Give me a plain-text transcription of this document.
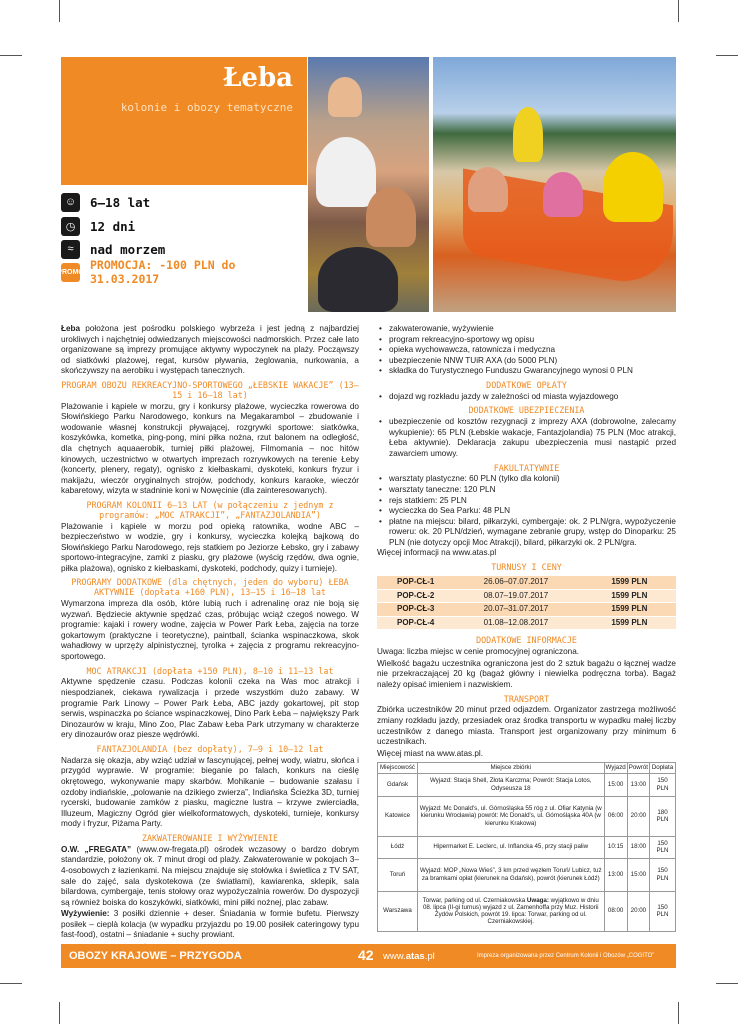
Łeba
kolonie i obozy tematyczne
☺	6–18 lat
◷	12 dni
≈	nad morzem
PROMO PROMOCJA: -100 PLN do 31.03.2017
Łeba położona jest pośrodku polskiego wybrzeża i jest jedną z najbardziej urokliwych i najchętniej odwiedzanych miejscowości nadmorskich. Przez całe lato organizowane są imprezy promujące aktywny wypoczynek na plaży. Począwszy od siatkówki plażowej, regat, kursów pływania, żeglowania, nurkowania, a skończywszy na aerobiku i występach tanecznych.
PROGRAM OBOZU REKREACYJNO-SPORTOWEGO „ŁEBSKIE WAKACJE” (13–15 i 16–18 lat)
Plażowanie i kąpiele w morzu, gry i konkursy plażowe, wycieczka rowerowa do Słowińskiego Parku Narodowego, konkurs na Megakarambol – zbudowanie i wodowanie własnej konstrukcji pływającej, rozgrywki sportowe: siatkówka, koszykówka, kometka, ping-pong, mini piłka nożna, rzut balonem na odległość, dla chętnych aquaaerobik, turniej piłki plażowej, Filmomania – noc hitów kinowych, uczestnictwo w otwartych imprezach rozrywkowych na terenie Łeby (koncerty, plenery, regaty), ognisko z kiełbaskami, dyskoteki, konkurs fryzur i makijażu, wieczór oryginalnych strojów, podchody, konkurs karaoke, wieczór kabaretowy, wizyta w stadninie koni w Nowęcinie (dla zainteresowanych).
PROGRAM KOLONII 6–13 LAT (w połączeniu z jednym z programów: „MOC ATRAKCJI”, „FANTAZJOLANDIA”)
Plażowanie i kąpiele w morzu pod opieką ratownika, wodne ABC – bezpieczeństwo w wodzie, gry i konkursy, wycieczka kolejką bajkową do Słowińskiego Parku Narodowego, rejs statkiem po Jeziorze Łebsko, gry i zabawy sportowo-integracyjne, zamki z piasku, gry plażowe (wyścig rzędów, dwa ognie, piłka plażowa), ognisko z kiełbaskami, dyskoteki, podchody, quizy i turnieje).
PROGRAMY DODATKOWE (dla chętnych, jeden do wyboru) ŁEBA AKTYWNIE (dopłata +160 PLN), 13–15 i 16–18 lat
Wymarzona impreza dla osób, które lubią ruch i adrenalinę oraz nie boją się wyzwań. Będziecie aktywnie spędzać czas, próbując wciąż czegoś nowego. W programie: kajaki i rowery wodne, zajęcia w Power Park Łeba, zajęcia na torze gokartowym (praktyczne i teoretyczne), paintball, ścianka wspinaczkowa, skok wahadłowy w uprzęży alpinistycznej, tyrolka + zajęcia z programu rekreacyjno-sportowego.
MOC ATRAKCJI (dopłata +150 PLN), 8–10 i 11–13 lat
Aktywne spędzenie czasu. Podczas kolonii czeka na Was moc atrakcji i niespodzianek, ciekawa rywalizacja i przede wszystkim dużo zabawy. W programie Park Linowy – Power Park Łeba, ABC jazdy gokartowej, pit stop serwis, wspinaczka po ściance wspinaczkowej, Dino Park Łeba – największy Park Dinozaurów w kraju, Mino Zoo, Plac Zabaw Łeba Park utrzymany w charakterze ery dinozaurów oraz piesze wędrówki.
FANTAZJOLANDIA (bez dopłaty), 7–9 i 10–12 lat
Nadarza się okazja, aby wziąć udział w fascynującej, pełnej wody, wiatru, słońca i przygód wyprawie. W programie: bieganie po falach, konkurs na cieślę okrętowego, wykonywanie mapy skarbów. Mohikanie – budowanie szałasu i ozdoby indiańskie, „polowanie na dzikiego zwierza”, Indiańska Ścieżka 3D, turniej rycerski, budowanie zamków z piasku, magiczne lustra – krzywe zwierciadła, Illuzeum, Magiczny Ogród gier wielkoformatowych, dyskoteki, turnieje, konkursy mody i fryzur, Piżama Party.
ZAKWATEROWANIE I WYŻYWIENIE
O.W. „FREGATA” (www.ow-fregata.pl) ośrodek wczasowy o bardzo dobrym standardzie, położony ok. 7 minut drogi od plaży. Zakwaterowanie w pokojach 3–4-osobowych z łazienkami. Na miejscu znajduje się stołówka i świetlica z TV SAT, sale do zajęć, sala dyskotekowa (ze światłami), kawiarenka, sklepik, sala bilardowa, cymbergaje, tenis stołowy oraz wypożyczalnia rowerów. Do dyspozycji są również boiska do koszykówki, siatkówki, mini piłki nożnej, plac zabaw.
Wyżywienie: 3 posiłki dziennie + deser. Śniadania w formie bufetu. Pierwszy posiłek – cieplà kolacja (w wypadku przyjazdu po 19.00 posiłek cateringowy typu fast-food), ostatni – śniadanie + suchy prowiant.
• zakwaterowanie, wyżywienie
• program rekreacyjno-sportowy wg opisu
• opieka wychowawcza, ratownicza i medyczna
• ubezpieczenie NNW TUiR AXA (do 5000 PLN)
• składka do Turystycznego Funduszu Gwarancyjnego wynosi 0 PLN
DODATKOWE OPŁATY
• dojazd wg rozkładu jazdy w zależności od miasta wyjazdowego
DODATKOWE UBEZPIECZENIA
• ubezpieczenie od kosztów rezygnacji z imprezy AXA (dobrowolne, zalecamy wykupienie): 65 PLN (Łebskie wakacje, Fantazjolandia) 75 PLN (Moc atrakcji, Łeba aktywnie). Deklaracja zakupu ubezpieczenia musi nastąpić przed zawarciem umowy.
FAKULTATYWNIE
• warsztaty plastyczne: 60 PLN (tylko dla kolonii)
• warsztaty taneczne: 120 PLN
• rejs statkiem: 25 PLN
• wycieczka do Sea Parku: 48 PLN
• płatne na miejscu: bilard, piłkarzyki, cymbergaje: ok. 2 PLN/gra, wypożyczenie roweru: ok. 20 PLN/dzień, wymagane zebranie grupy, wstęp do Dinoparku: 25 PLN (nie dotyczy opcji Moc Atrakcji), bilard, piłkarzyki ok. 2 PLN/gra.
Więcej informacji na www.atas.pl
TURNUSY I CENY
POP-CŁ-1	26.06–07.07.2017	1599 PLN
POP-CŁ-2	08.07–19.07.2017	1599 PLN
POP-CŁ-3	20.07–31.07.2017	1599 PLN
POP-CŁ-4	01.08–12.08.2017	1599 PLN
DODATKOWE INFORMACJE
Uwaga: liczba miejsc w cenie promocyjnej ograniczona.
Wielkość bagażu uczestnika ograniczona jest do 2 sztuk bagażu o łącznej wadze nie przekraczającej 20 kg (bagaż główny i niewielka podręczna torba). Bagaż należy opisać imieniem i nazwiskiem.
TRANSPORT
Zbiórka uczestników 20 minut przed odjazdem. Organizator zastrzega możliwość zmiany rozkładu jazdy, przesiadek oraz środka transportu w wypadku małej liczby uczestników z danego miasta. Transport jest organizowany przy minimum 6 uczestnikach.
Więcej miast na www.atas.pl.
Miejscowość	Miejsce zbiórki	Wyjazd	Powrót	Dopłata
Gdańsk	Wyjazd: Stacja Shell, Złota Karczma; Powrót: Stacja Lotos, Odyseusza 18	15:00	13:00	150 PLN
Katowice	Wyjazd: Mc Donald's, ul. Górnośląska 55 róg z ul. Ofiar Katynia (w kierunku Wrocławia) powrót: Mc Donald's, ul. Górnośląska 40A (w kierunku Krakowa)	06:00	20:00	180 PLN
Łódź	Hipermarket E. Leclerc, ul. Inflancka 45, przy stacji paliw	10:15	18:00	150 PLN
Toruń	Wyjazd: MOP „Nowa Wieś”, 3 km przed węzłem Toruń/ Lubicz, tuż za bramkami opłat (kierunek na Gdańsk), powrót (kierunek Łódź)	13:00	15:00	150 PLN
Warszawa	Torwar, parking od ul. Czerniakowska Uwaga: wyjątkowo w dniu 08. lipca (II-gi turnus) wyjazd z ul. Zamenhoffa przy Muz. Historii Żydów Polskich, powrót 19. lipca: Torwar, parking od ul. Czerniakowskiej.	08:00	20:00	150 PLN
OBOZY KRAJOWE – PRZYGODA	42 www.atas.pl	Impreza organizowana przez Centrum Kolonii i Obozów „COGITO”
